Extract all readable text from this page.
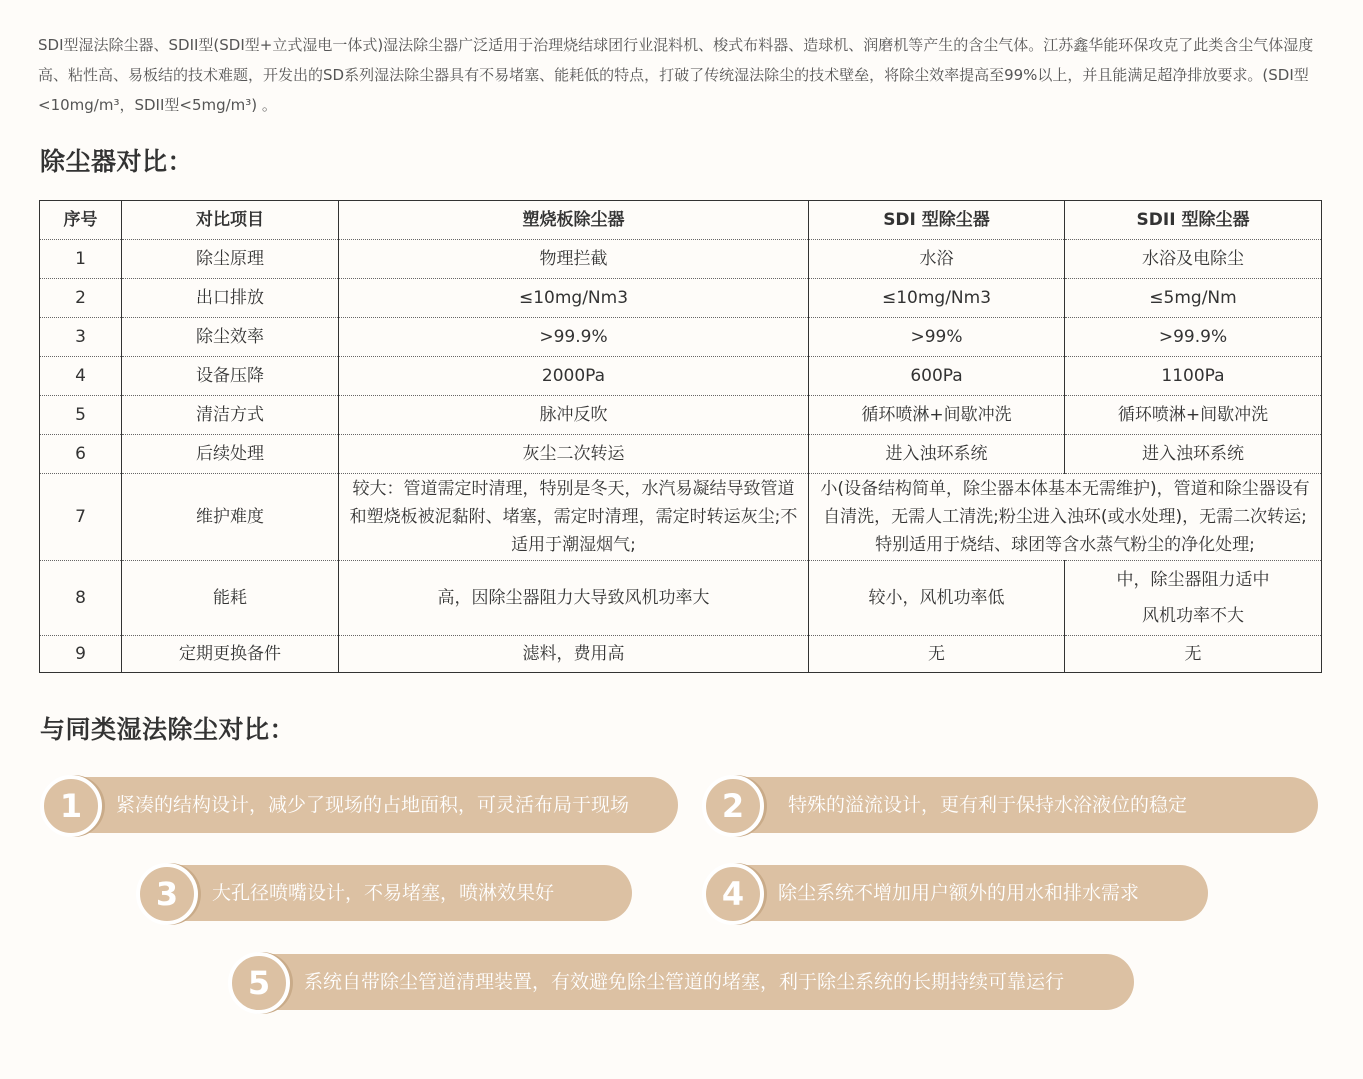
SDI型湿法除尘器、SDII型(SDI型+立式湿电一体式)湿法除尘器广泛适用于治理烧结球团行业混料机、梭式布料器、造球机、润磨机等产生的含尘气体。江苏鑫华能环保攻克了此类含尘气体湿度高、粘性高、易板结的技术难题，开发出的SD系列湿法除尘器具有不易堵塞、能耗低的特点，打破了传统湿法除尘的技术壁垒，将除尘效率提高至99%以上，并且能满足超净排放要求。(SDI型<10mg/m³，SDII型<5mg/m³) 。

除尘器对比：
序号	对比项目	塑烧板除尘器	SDI 型除尘器	SDII 型除尘器
1	除尘原理	物理拦截	水浴	水浴及电除尘
2	出口排放	≤10mg/Nm3	≤10mg/Nm3	≤5mg/Nm
3	除尘效率	>99.9%	>99%	>99.9%
4	设备压降	2000Pa	600Pa	1100Pa
5	清洁方式	脉冲反吹	循环喷淋+间歇冲洗	循环喷淋+间歇冲洗
6	后续处理	灰尘二次转运	进入浊环系统	进入浊环系统
7	维护难度	较大：管道需定时清理，特别是冬天，水汽易凝结导致管道和塑烧板被泥黏附、堵塞，需定时清理，需定时转运灰尘;不适用于潮湿烟气;	小(设备结构简单，除尘器本体基本无需维护)，管道和除尘器设有自清洗，无需人工清洗;粉尘进入浊环(或水处理)，无需二次转运;特别适用于烧结、球团等含水蒸气粉尘的净化处理;	
8	能耗	高，因除尘器阻力大导致风机功率大	较小，风机功率低	中，除尘器阻力适中
风机功率不大

9	定期更换备件	滤料，费用高	无	无
与同类湿法除尘对比：
1	紧凑的结构设计，减少了现场的占地面积，可灵活布局于现场	2	特殊的溢流设计，更有利于保持水浴液位的稳定
3	大孔径喷嘴设计，不易堵塞，喷淋效果好	4	除尘系统不增加用户额外的用水和排水需求
5	系统自带除尘管道清理装置，有效避免除尘管道的堵塞，利于除尘系统的长期持续可靠运行
